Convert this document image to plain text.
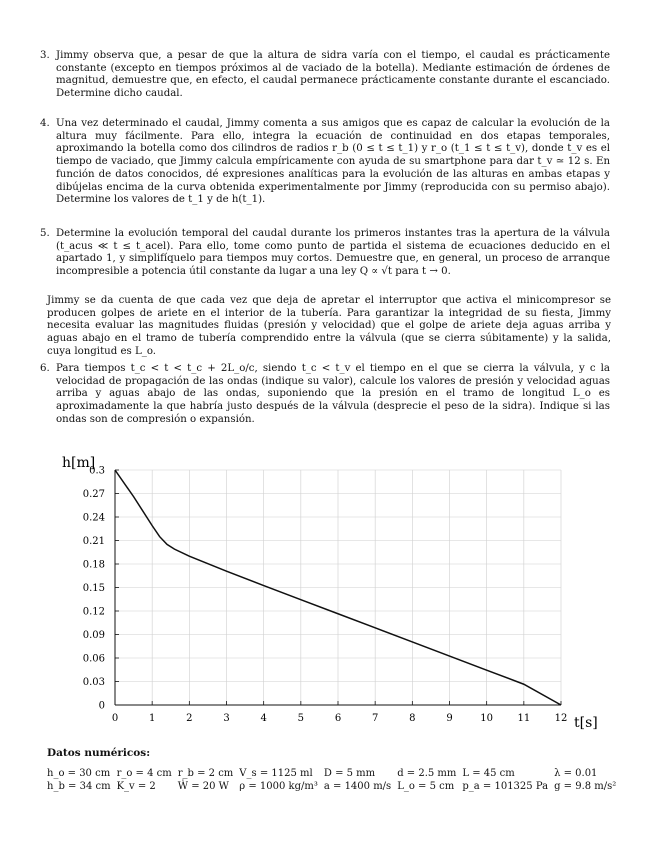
3. Jimmy observa que, a pesar de que la altura de sidra varía con el tiempo, el caudal es prácticamente constante (excepto en tiempos próximos al de vaciado de la botella). Mediante estimación de órdenes de magnitud, demuestre que, en efecto, el caudal permanece prácticamente constante durante el escanciado. Determine dicho caudal.
4. Una vez determinado el caudal, Jimmy comenta a sus amigos que es capaz de calcular la evolución de la altura muy fácilmente. Para ello, integra la ecuación de continuidad en dos etapas temporales, aproximando la botella como dos cilindros de radios r_b (0 ≤ t ≤ t_1) y r_o (t_1 ≤ t ≤ t_v), donde t_v es el tiempo de vaciado, que Jimmy calcula empíricamente con ayuda de su smartphone para dar t_v ≃ 12 s. En función de datos conocidos, dé expresiones analíticas para la evolución de las alturas en ambas etapas y dibújelas encima de la curva obtenida experimentalmente por Jimmy (reproducida con su permiso abajo). Determine los valores de t_1 y de h(t_1).
5. Determine la evolución temporal del caudal durante los primeros instantes tras la apertura de la válvula (t_acus ≪ t ≤ t_acel). Para ello, tome como punto de partida el sistema de ecuaciones deducido en el apartado 1, y simplifíquelo para tiempos muy cortos. Demuestre que, en general, un proceso de arranque incompresible a potencia útil constante da lugar a una ley Q ∝ √t para t → 0.
Jimmy se da cuenta de que cada vez que deja de apretar el interruptor que activa el minicompresor se producen golpes de ariete en el interior de la tubería. Para garantizar la integridad de su fiesta, Jimmy necesita evaluar las magnitudes fluidas (presión y velocidad) que el golpe de ariete deja aguas arriba y aguas abajo en el tramo de tubería comprendido entre la válvula (que se cierra súbitamente) y la salida, cuya longitud es L_o.
6. Para tiempos t_c < t < t_c + 2L_o/c, siendo t_c < t_v el tiempo en el que se cierra la válvula, y c la velocidad de propagación de las ondas (indique su valor), calcule los valores de presión y velocidad aguas arriba y aguas abajo de las ondas, suponiendo que la presión en el tramo de longitud L_o es aproximadamente la que habría justo después de la válvula (desprecie el peso de la sidra). Indique si las ondas son de compresión o expansión.
0	1	2	3	4	5	6	7	8	9	10 11 12
0
0.03
0.06
0.09
0.12
0.15
0.18
0.21
0.24
0.27
0.3
h[m]
t[s]
Datos numéricos:
h_o = 30 cm	r_o = 4 cm	r_b = 2 cm	V_s = 1125 ml	D = 5 mm	d = 2.5 mm	L = 45 cm	λ = 0.01
h_b = 34 cm	K_v = 2	Ẇ = 20 W	ρ = 1000 kg/m³	a = 1400 m/s	L_o = 5 cm	p_a = 101325 Pa	g = 9.8 m/s²
